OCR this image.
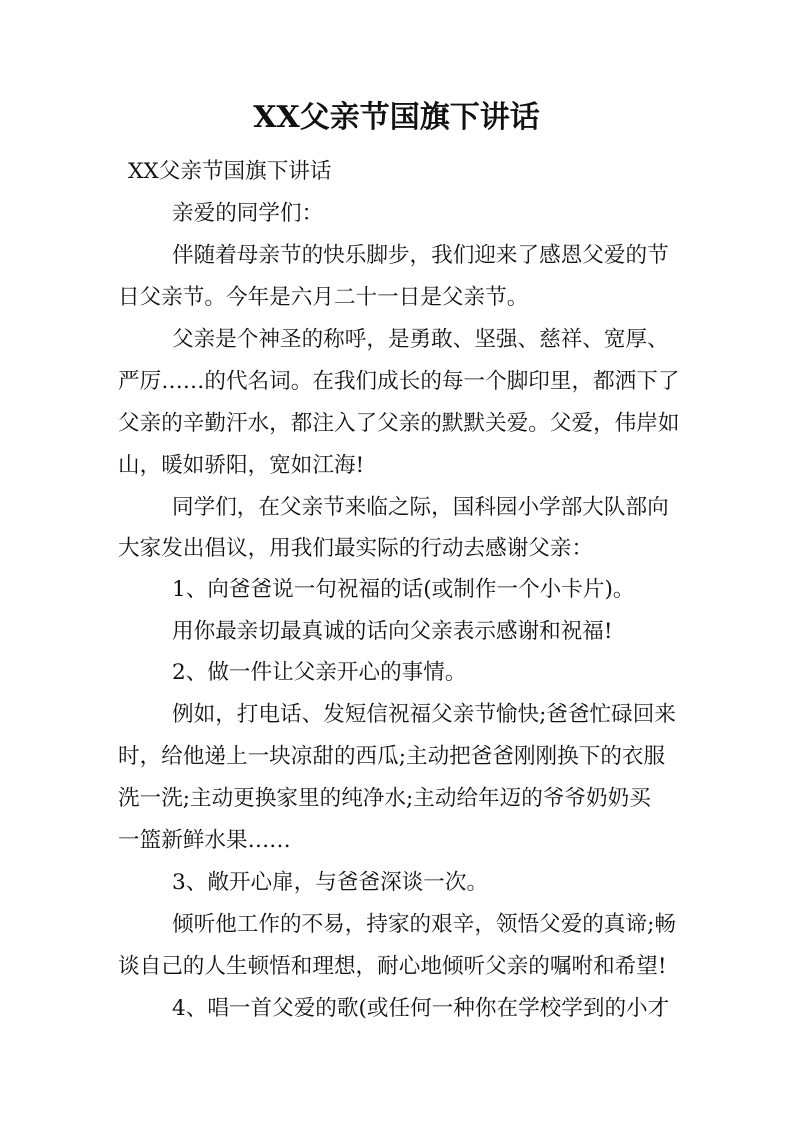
XX父亲节国旗下讲话
XX父亲节国旗下讲话
亲爱的同学们：
伴随着母亲节的快乐脚步，我们迎来了感恩父爱的节
日父亲节。今年是六月二十一日是父亲节。
父亲是个神圣的称呼，是勇敢、坚强、慈祥、宽厚、
严厉……的代名词。在我们成长的每一个脚印里，都洒下了
父亲的辛勤汗水，都注入了父亲的默默关爱。父爱，伟岸如
山，暖如骄阳，宽如江海!
同学们，在父亲节来临之际，国科园小学部大队部向
大家发出倡议，用我们最实际的行动去感谢父亲：
1、向爸爸说一句祝福的话(或制作一个小卡片)。
用你最亲切最真诚的话向父亲表示感谢和祝福!
2、做一件让父亲开心的事情。
例如，打电话、发短信祝福父亲节愉快;爸爸忙碌回来
时，给他递上一块凉甜的西瓜;主动把爸爸刚刚换下的衣服
洗一洗;主动更换家里的纯净水;主动给年迈的爷爷奶奶买
一篮新鲜水果……
3、敞开心扉，与爸爸深谈一次。
倾听他工作的不易，持家的艰辛，领悟父爱的真谛;畅
谈自己的人生顿悟和理想，耐心地倾听父亲的嘱咐和希望!
4、唱一首父爱的歌(或任何一种你在学校学到的小才
